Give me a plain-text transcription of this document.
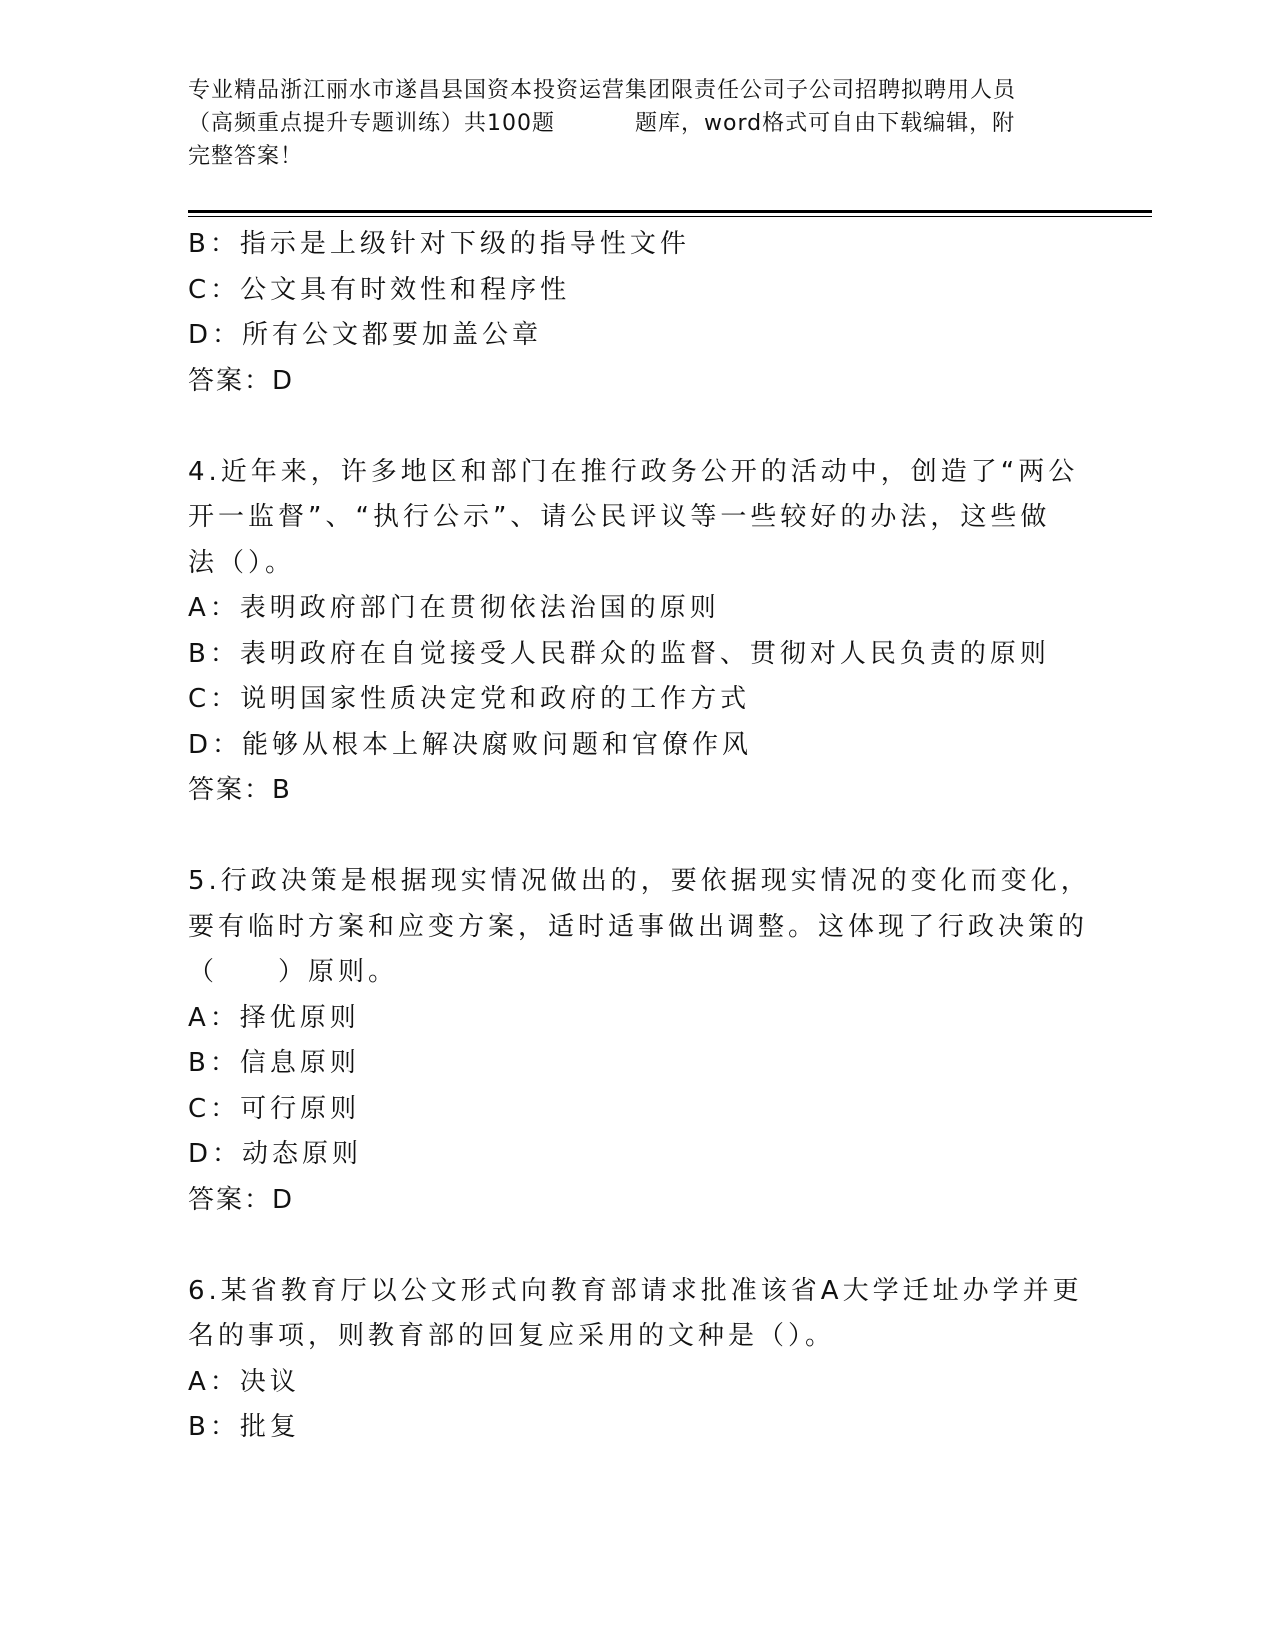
专业精品浙江丽水市遂昌县国资本投资运营集团限责任公司子公司招聘拟聘用人员
（高频重点提升专题训练）共100题	题库，word格式可自由下载编辑，附
完整答案！
B：指示是上级针对下级的指导性文件
C：公文具有时效性和程序性
D：所有公文都要加盖公章
答案：D
4.近年来，许多地区和部门在推行政务公开的活动中，创造了“两公
开一监督”、“执行公示”、请公民评议等一些较好的办法，这些做
法（）。
A：表明政府部门在贯彻依法治国的原则
B：表明政府在自觉接受人民群众的监督、贯彻对人民负责的原则
C：说明国家性质决定党和政府的工作方式
D：能够从根本上解决腐败问题和官僚作风
答案：B
5.行政决策是根据现实情况做出的，要依据现实情况的变化而变化，
要有临时方案和应变方案，适时适事做出调整。这体现了行政决策的
（　　）原则。
A：择优原则
B：信息原则
C：可行原则
D：动态原则
答案：D
6.某省教育厅以公文形式向教育部请求批准该省A大学迁址办学并更
名的事项，则教育部的回复应采用的文种是（）。
A：决议
B：批复
